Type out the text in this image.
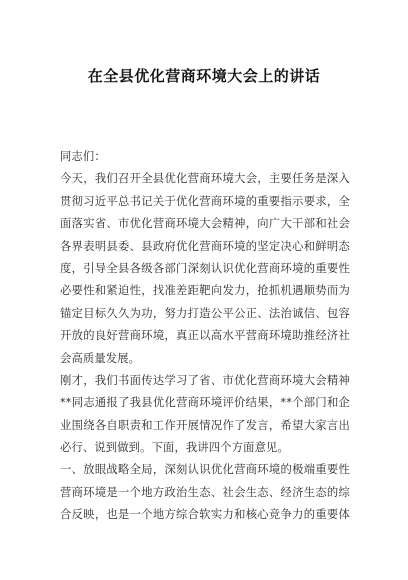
在全县优化营商环境大会上的讲话
同志们：
今天，我们召开全县优化营商环境大会，主要任务是深入
贯彻习近平总书记关于优化营商环境的重要指示要求，全
面落实省、市优化营商环境大会精神，向广大干部和社会
各界表明县委、县政府优化营商环境的坚定决心和鲜明态
度，引导全县各级各部门深刻认识优化营商环境的重要性
必要性和紧迫性，找准差距靶向发力，抢抓机遇顺势而为
锚定目标久久为功，努力打造公平公正、法治诚信、包容
开放的良好营商环境，真正以高水平营商环境助推经济社
会高质量发展。
刚才，我们书面传达学习了省、市优化营商环境大会精神
**同志通报了我县优化营商环境评价结果，**个部门和企
业围绕各自职责和工作开展情况作了发言，希望大家言出
必行、说到做到。下面，我讲四个方面意见。
一、放眼战略全局，深刻认识优化营商环境的极端重要性
营商环境是一个地方政治生态、社会生态、经济生态的综
合反映，也是一个地方综合软实力和核心竞争力的重要体
